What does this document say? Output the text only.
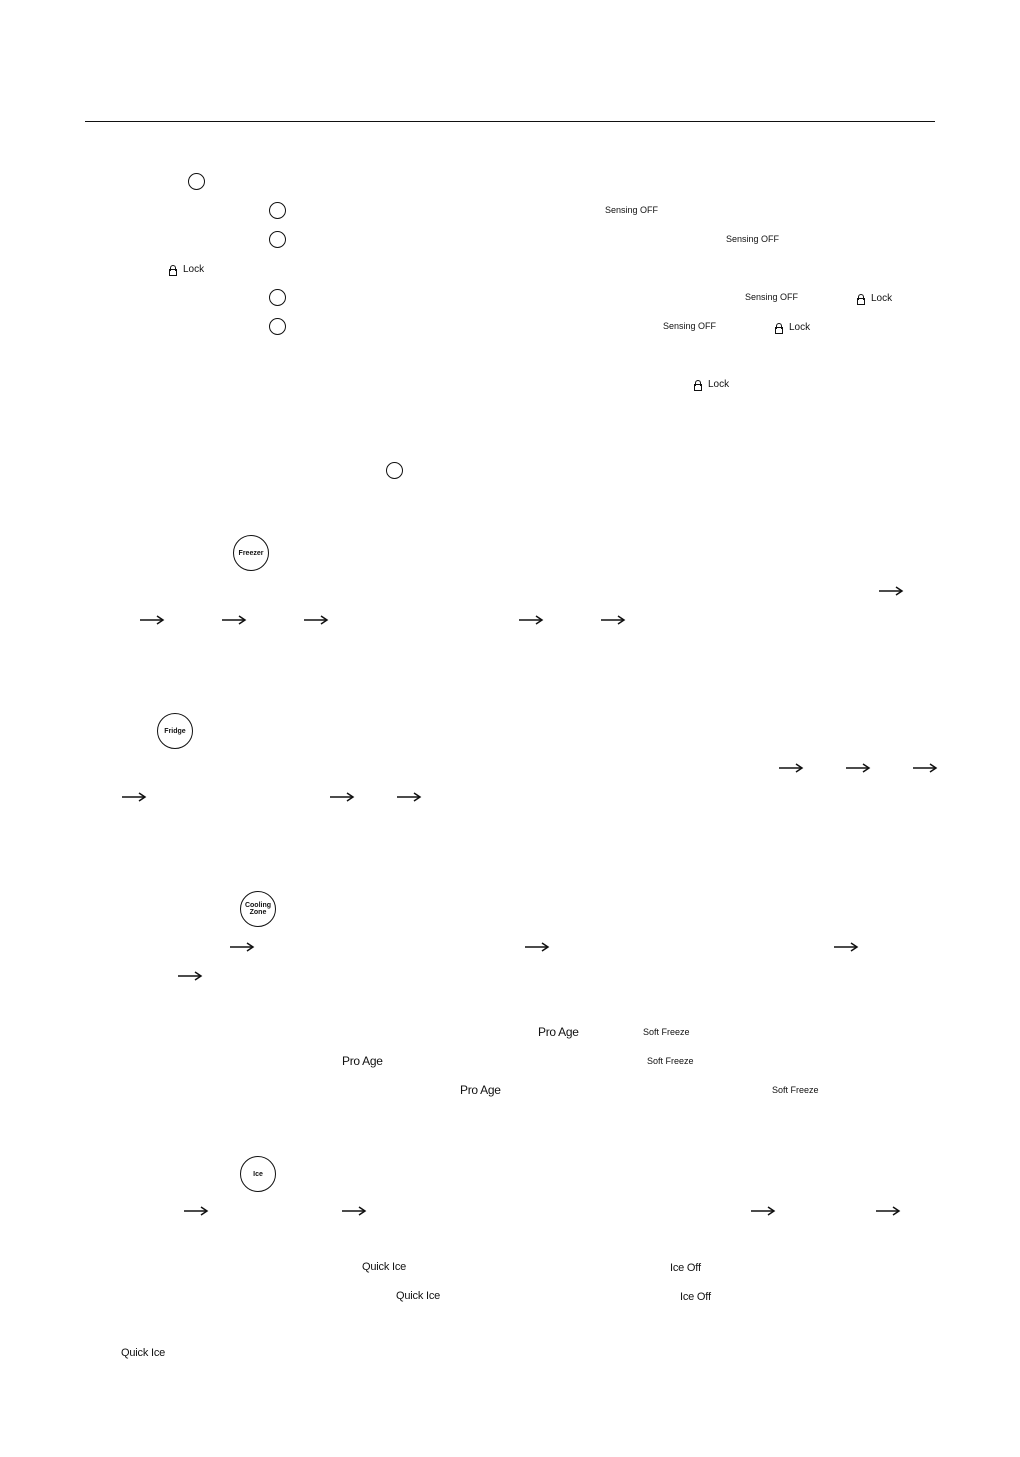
Sensing OFF
Sensing OFF
Sensing OFF
Sensing OFF
Lock
Lock
Lock
Lock
Freezer
Fridge
Cooling
Zone
Ice
Pro Age	Soft Freeze
Pro Age	Soft Freeze
Pro Age	Soft Freeze
Quick Ice	Ice Off
Quick Ice	Ice Off
Quick Ice
